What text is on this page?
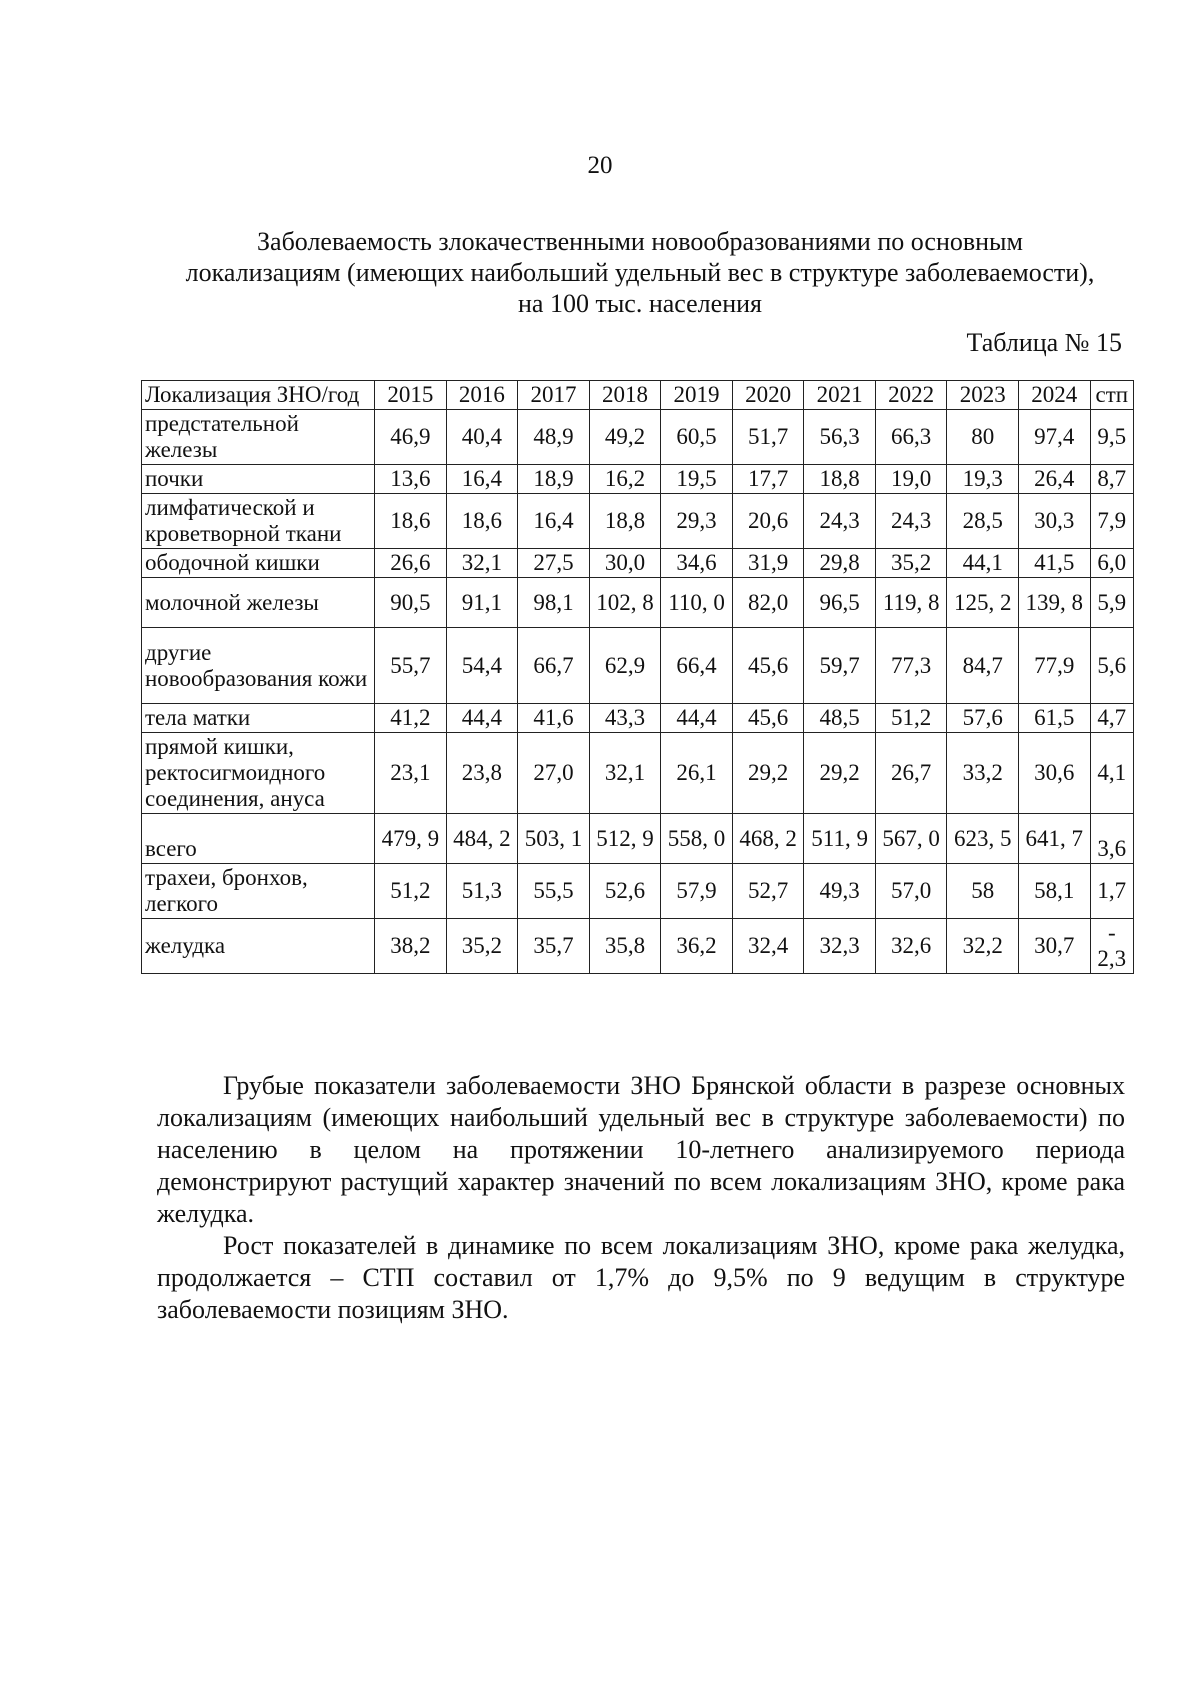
20
Заболеваемость злокачественными новообразованиями по основным
локализациям (имеющих наибольший удельный вес в структуре заболеваемости),
на 100 тыс. населения
Таблица № 15
Локализация ЗНО/год	2015	2016	2017	2018	2019	2020	2021	2022	2023	2024	стп
предстательной железы	46,9	40,4	48,9	49,2	60,5	51,7	56,3	66,3	80	97,4	9,5
почки	13,6	16,4	18,9	16,2	19,5	17,7	18,8	19,0	19,3	26,4	8,7
лимфатической и кроветворной ткани	18,6	18,6	16,4	18,8	29,3	20,6	24,3	24,3	28,5	30,3	7,9
ободочной кишки	26,6	32,1	27,5	30,0	34,6	31,9	29,8	35,2	44,1	41,5	6,0
молочной железы	90,5	91,1	98,1	102, 8	110, 0	82,0	96,5	119, 8	125, 2	139, 8	5,9
другие новообразования кожи	55,7	54,4	66,7	62,9	66,4	45,6	59,7	77,3	84,7	77,9	5,6
тела матки	41,2	44,4	41,6	43,3	44,4	45,6	48,5	51,2	57,6	61,5	4,7
прямой кишки, ректосигмоидного соединения, ануса	23,1	23,8	27,0	32,1	26,1	29,2	29,2	26,7	33,2	30,6	4,1
всего	479, 9	484, 2	503, 1	512, 9	558, 0	468, 2	511, 9	567, 0	623, 5	641, 7	3,6
трахеи, бронхов, легкого	51,2	51,3	55,5	52,6	57,9	52,7	49,3	57,0	58	58,1	1,7
желудка	38,2	35,2	35,7	35,8	36,2	32,4	32,3	32,6	32,2	30,7	- 2,3

Грубые показатели заболеваемости ЗНО Брянской области в разрезе основных локализациям (имеющих наибольший удельный вес в структуре заболеваемости) по населению в целом на протяжении 10-летнего анализируемого периода демонстрируют растущий характер значений по всем локализациям ЗНО, кроме рака желудка.

Рост показателей в динамике по всем локализациям ЗНО, кроме рака желудка, продолжается – СТП составил от 1,7% до 9,5% по 9 ведущим в структуре заболеваемости позициям ЗНО.
